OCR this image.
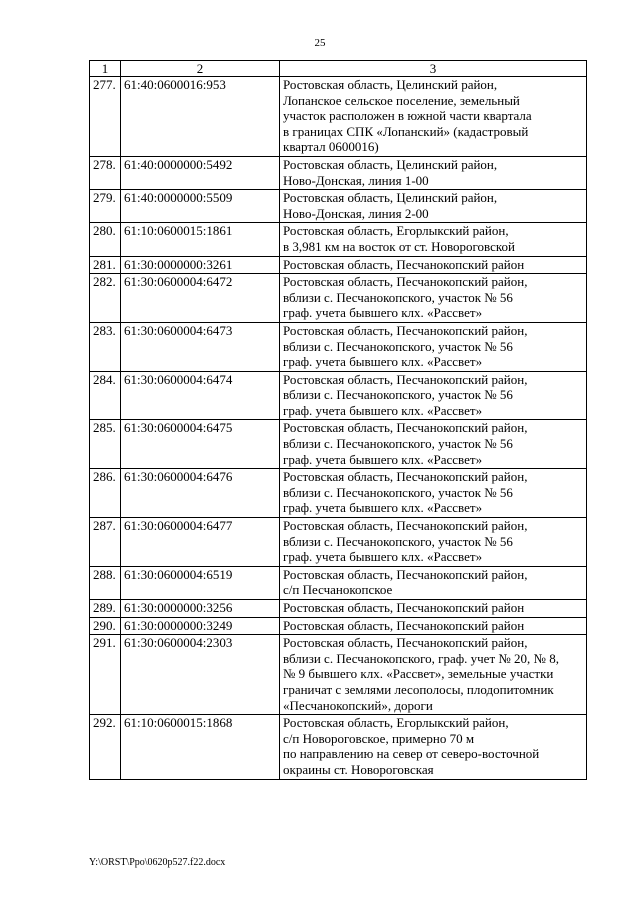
25
1	2	3
277.	61:40:0600016:953	Ростовская область, Целинский район,
Лопанское сельское поселение, земельный
участок расположен в южной части квартала
в границах СПК «Лопанский» (кадастровый
квартал 0600016)

278.	61:40:0000000:5492	Ростовская область, Целинский район,
Ново-Донская, линия 1-00

279.	61:40:0000000:5509	Ростовская область, Целинский район,
Ново-Донская, линия 2-00

280.	61:10:0600015:1861	Ростовская область, Егорлыкский район,
в 3,981 км на восток от ст. Новороговской

281.	61:30:0000000:3261	Ростовская область, Песчанокопский район

282.	61:30:0600004:6472	Ростовская область, Песчанокопский район,
вблизи с. Песчанокопского, участок № 56
граф. учета бывшего клх. «Рассвет»

283.	61:30:0600004:6473	Ростовская область, Песчанокопский район,
вблизи с. Песчанокопского, участок № 56
граф. учета бывшего клх. «Рассвет»

284.	61:30:0600004:6474	Ростовская область, Песчанокопский район,
вблизи с. Песчанокопского, участок № 56
граф. учета бывшего клх. «Рассвет»

285.	61:30:0600004:6475	Ростовская область, Песчанокопский район,
вблизи с. Песчанокопского, участок № 56
граф. учета бывшего клх. «Рассвет»

286.	61:30:0600004:6476	Ростовская область, Песчанокопский район,
вблизи с. Песчанокопского, участок № 56
граф. учета бывшего клх. «Рассвет»

287.	61:30:0600004:6477	Ростовская область, Песчанокопский район,
вблизи с. Песчанокопского, участок № 56
граф. учета бывшего клх. «Рассвет»

288.	61:30:0600004:6519	Ростовская область, Песчанокопский район,
с/п Песчанокопское

289.	61:30:0000000:3256	Ростовская область, Песчанокопский район

290.	61:30:0000000:3249	Ростовская область, Песчанокопский район

291.	61:30:0600004:2303	Ростовская область, Песчанокопский район,
вблизи с. Песчанокопского, граф. учет № 20, № 8,
№ 9 бывшего клх. «Рассвет», земельные участки
граничат с землями лесополосы, плодопитомник
«Песчанокопский», дороги

292.	61:10:0600015:1868	Ростовская область, Егорлыкский район,
с/п Новороговское, примерно 70 м
по направлению на север от северо-восточной
окраины ст. Новороговская
Y:\ORST\Ppo\0620p527.f22.docx
